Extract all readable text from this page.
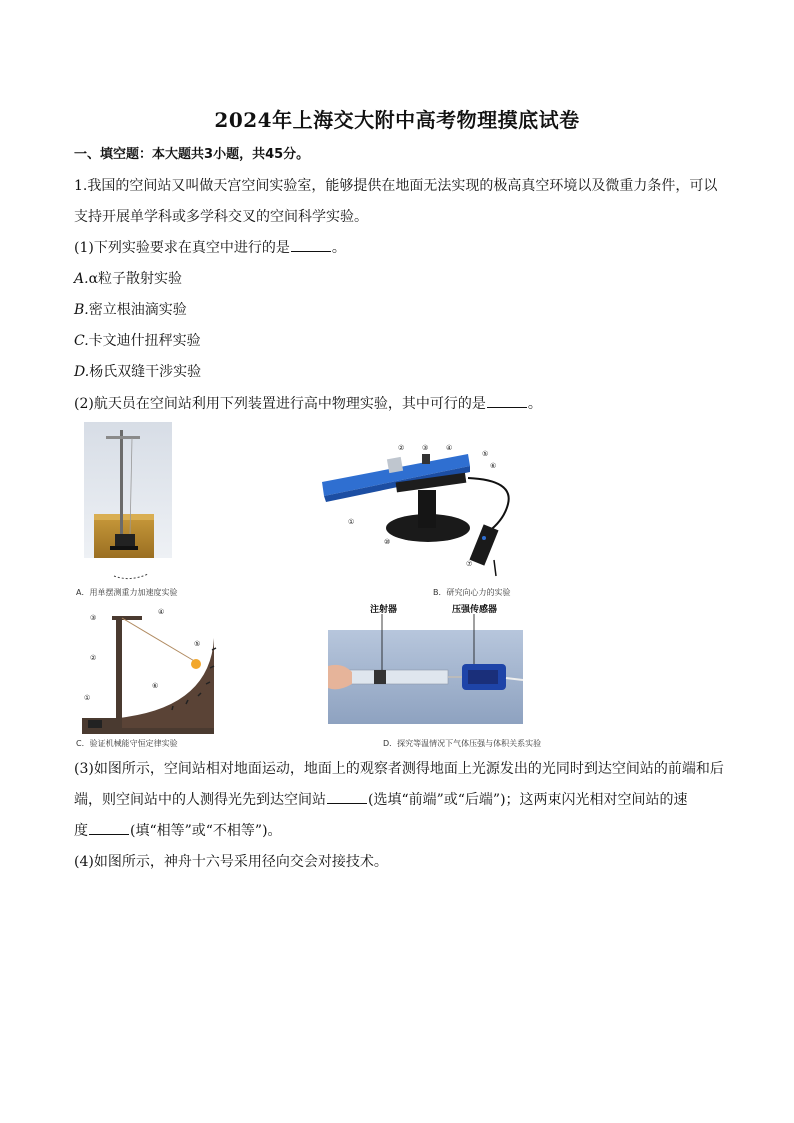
2024年上海交大附中高考物理摸底试卷
一、填空题：本大题共3小题，共45分。
1.我国的空间站又叫做天宫空间实验室，能够提供在地面无法实现的极高真空环境以及微重力条件，可以
支持开展单学科或多学科交叉的空间科学实验。
(1)下列实验要求在真空中进行的是	。
A.α粒子散射实验
B.密立根油滴实验
C.卡文迪什扭秤实验
D.杨氏双缝干涉实验
(2)航天员在空间站利用下列装置进行高中物理实验，其中可行的是	。
A．用单摆测重力加速度实验
②	③	④
⑤
⑥
①
⑩
⑦
B．研究向心力的实验
③
④
②
⑤
⑥
①
C．验证机械能守恒定律实验
注射器	压强传感器
D．探究等温情况下气体压强与体积关系实验
(3)如图所示，空间站相对地面运动，地面上的观察者测得地面上光源发出的光同时到达空间站的前端和后
端，则空间站中的人测得光先到达空间站	(选填“前端”或“后端”)；这两束闪光相对空间站的速
度	(填“相等”或“不相等”)。
(4)如图所示，神舟十六号采用径向交会对接技术。
